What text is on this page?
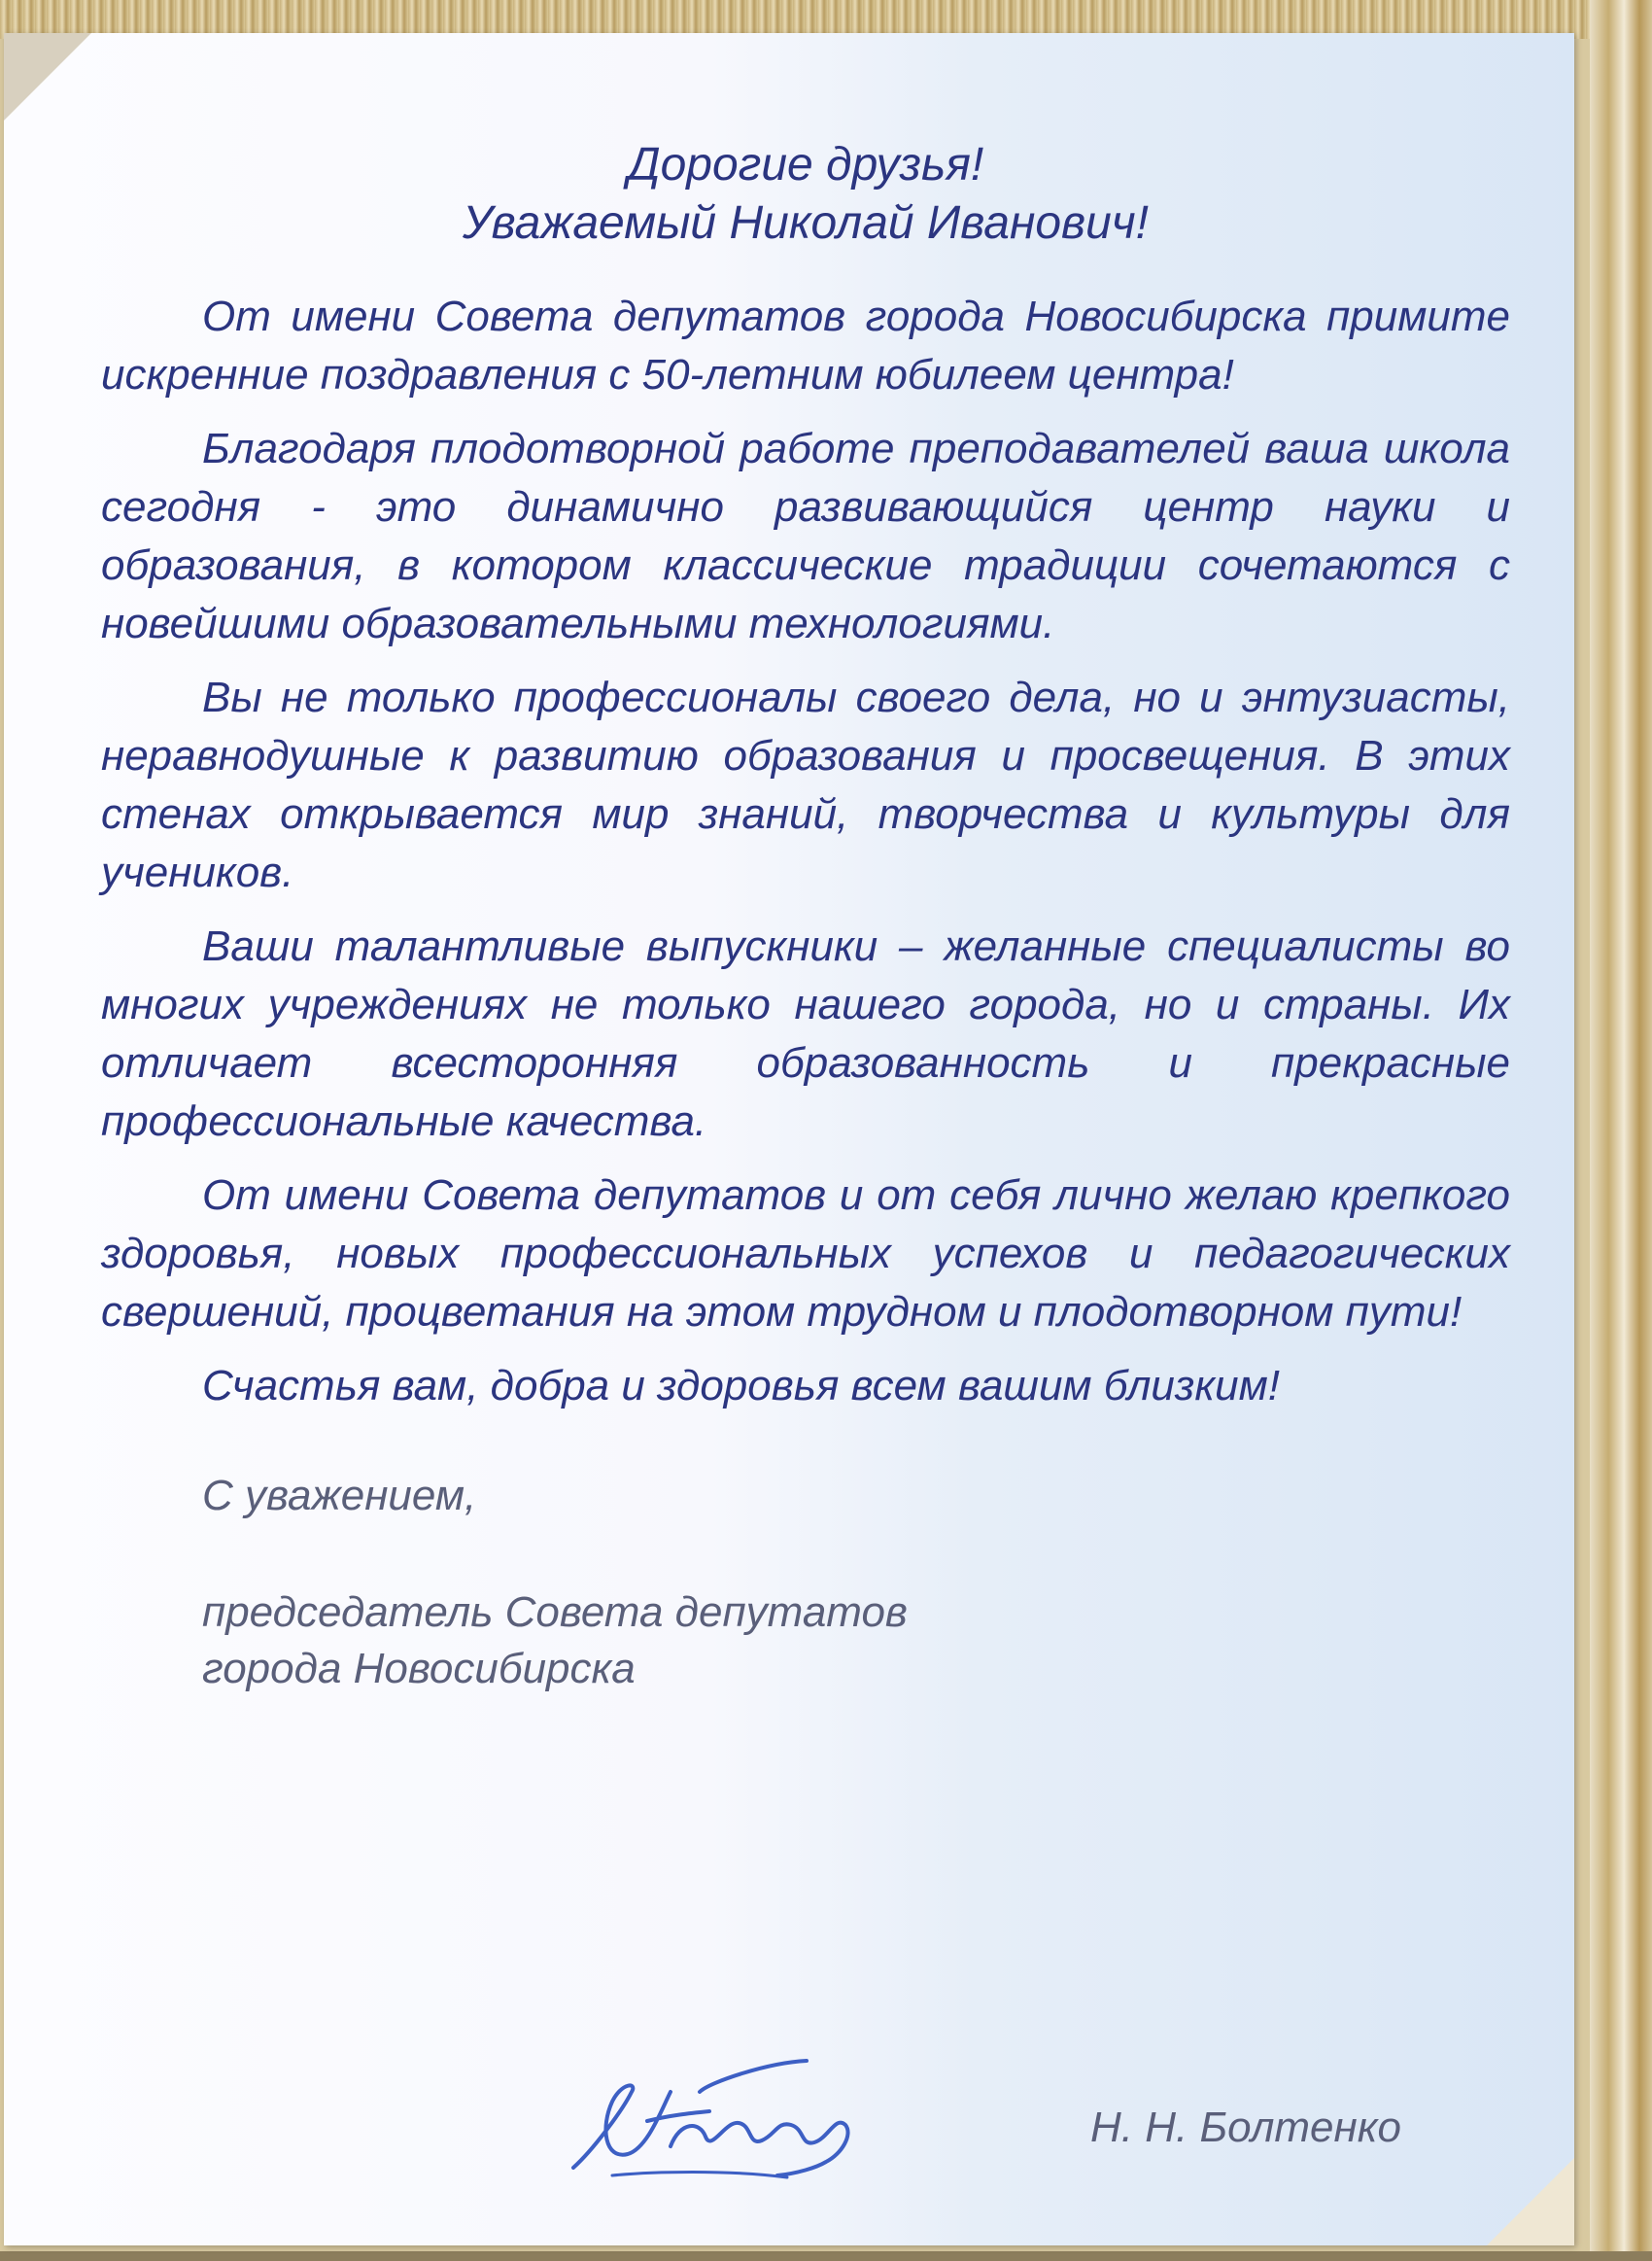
Дорогие друзья!
Уважаемый Николай Иванович!

От имени Совета депутатов города Новосибирска примите искренние поздравления с 50-летним юбилеем центра!

Благодаря плодотворной работе преподавателей ваша школа сегодня - это динамично развивающийся центр науки и образования, в котором классические традиции сочетаются с новейшими образовательными технологиями.

Вы не только профессионалы своего дела, но и энтузиасты, неравнодушные к развитию образования и просвещения. В этих стенах открывается мир знаний, творчества и культуры для учеников.

Ваши талантливые выпускники – желанные специалисты во многих учреждениях не только нашего города, но и страны. Их отличает всесторонняя образованность и прекрасные профессиональные качества.

От имени Совета депутатов и от себя лично желаю крепкого здоровья, новых профессиональных успехов и педагогических свершений, процветания на этом трудном и плодотворном пути!

Счастья вам, добра и здоровья всем вашим близким!

С уважением,
председатель Совета депутатов
города Новосибирска
Н. Н. Болтенко
